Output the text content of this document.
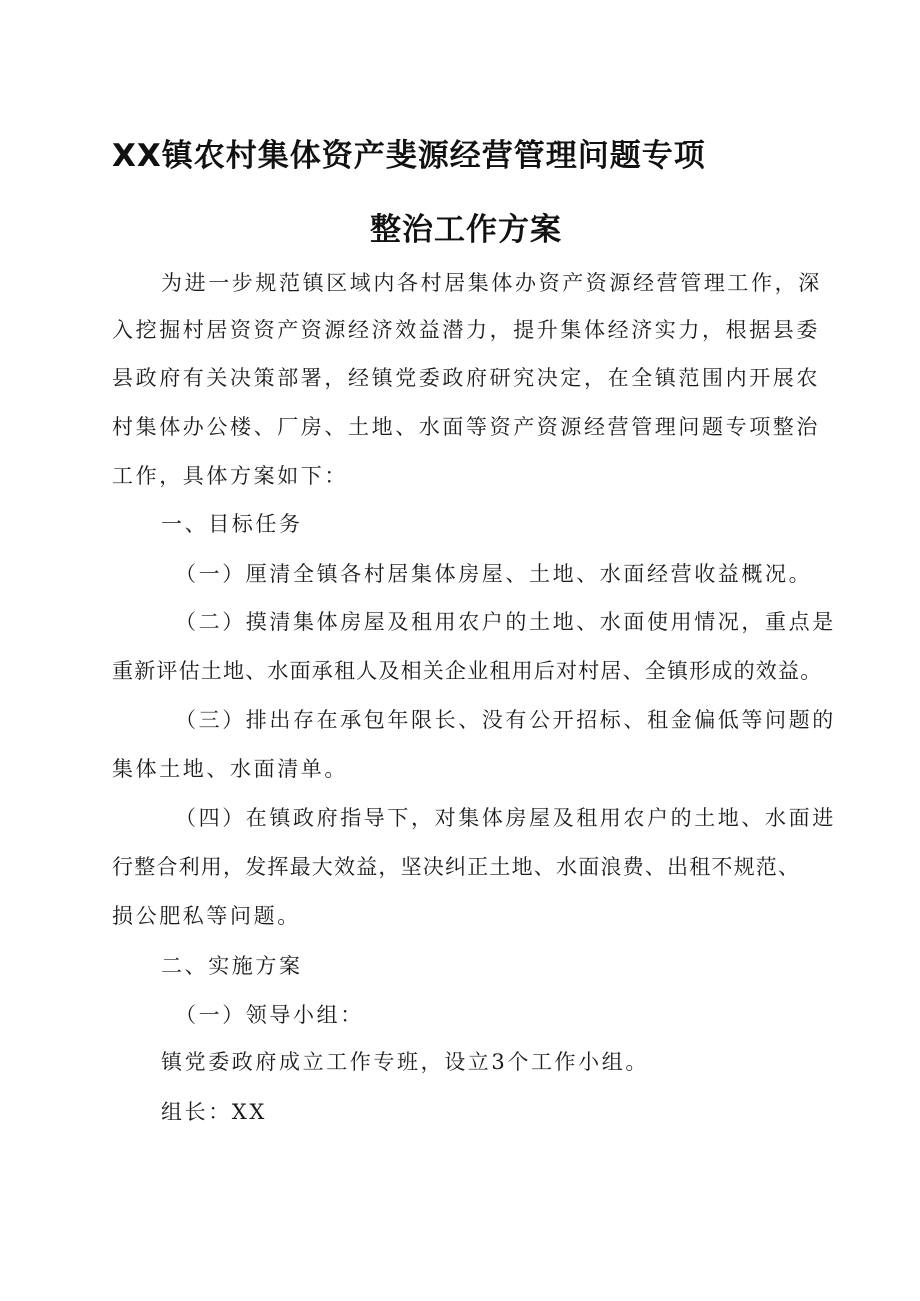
XX镇农村集体资产斐源经营管理问题专项
整治工作方案

为进一步规范镇区域内各村居集体办资产资源经营管理工作，深

入挖掘村居资资产资源经济效益潜力，提升集体经济实力，根据县委

县政府有关决策部署，经镇党委政府研究决定，在全镇范围内开展农

村集体办公楼、厂房、土地、水面等资产资源经营管理问题专项整治

工作，具体方案如下：

一、目标任务

（一）厘清全镇各村居集体房屋、土地、水面经营收益概况。

（二）摸清集体房屋及租用农户的土地、水面使用情况，重点是

重新评估土地、水面承租人及相关企业租用后对村居、全镇形成的效益。

（三）排出存在承包年限长、没有公开招标、租金偏低等问题的

集体土地、水面清单。

（四）在镇政府指导下，对集体房屋及租用农户的土地、水面进

行整合利用，发挥最大效益，坚决纠正土地、水面浪费、出租不规范、

损公肥私等问题。

二、实施方案

（一）领导小组：

镇党委政府成立工作专班，设立3个工作小组。

组长：XX
